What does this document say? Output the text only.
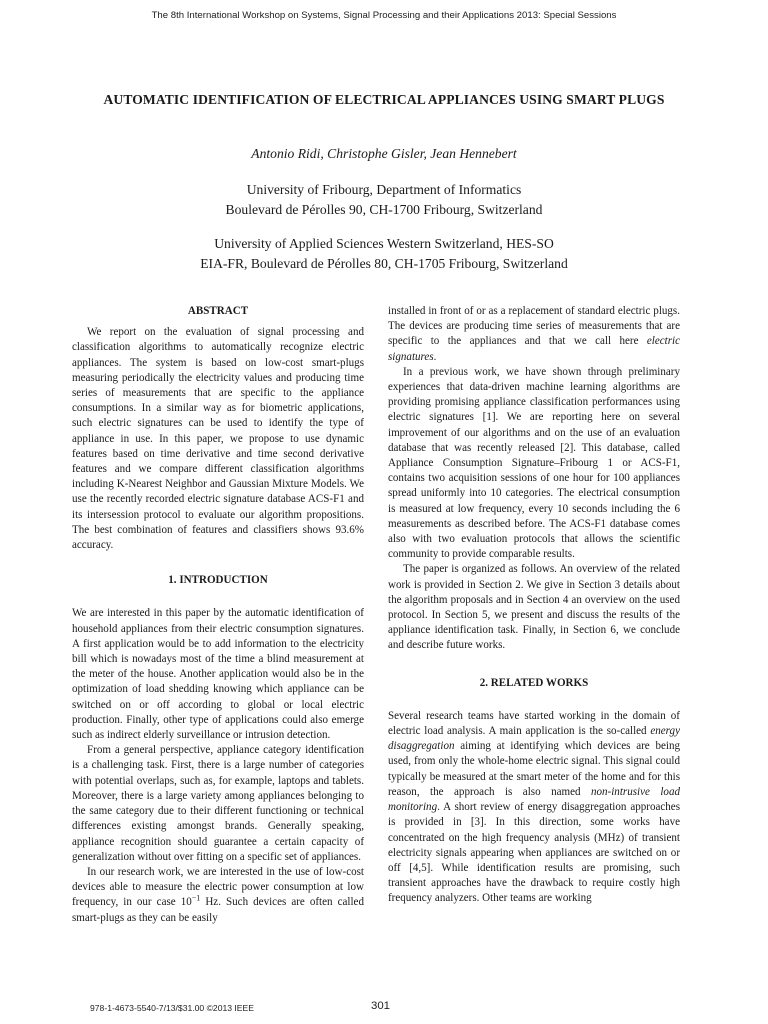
The 8th International Workshop on Systems, Signal Processing and their Applications 2013: Special Sessions
AUTOMATIC IDENTIFICATION OF ELECTRICAL APPLIANCES USING SMART PLUGS
Antonio Ridi, Christophe Gisler, Jean Hennebert
University of Fribourg, Department of Informatics
Boulevard de Pérolles 90, CH-1700 Fribourg, Switzerland
University of Applied Sciences Western Switzerland, HES-SO
EIA-FR, Boulevard de Pérolles 80, CH-1705 Fribourg, Switzerland

ABSTRACT

We report on the evaluation of signal processing and classification algorithms to automatically recognize electric appliances. The system is based on low-cost smart-plugs measuring periodically the electricity values and producing time series of measurements that are specific to the appliance consumptions. In a similar way as for biometric applications, such electric signatures can be used to identify the type of appliance in use. In this paper, we propose to use dynamic features based on time derivative and time second derivative features and we compare different classification algorithms including K-Nearest Neighbor and Gaussian Mixture Models. We use the recently recorded electric signature database ACS-F1 and its intersession protocol to evaluate our algorithm propositions. The best combination of features and classifiers shows 93.6% accuracy.

1. INTRODUCTION

We are interested in this paper by the automatic identification of household appliances from their electric consumption signatures. A first application would be to add information to the electricity bill which is nowadays most of the time a blind measurement at the meter of the house. Another application would also be in the optimization of load shedding knowing which appliance can be switched on or off according to global or local electric production. Finally, other type of applications could also emerge such as indirect elderly surveillance or intrusion detection.

From a general perspective, appliance category identification is a challenging task. First, there is a large number of categories with potential overlaps, such as, for example, laptops and tablets. Moreover, there is a large variety among appliances belonging to the same category due to their different functioning or technical differences existing amongst brands. Generally speaking, appliance recognition should guarantee a certain capacity of generalization without over fitting on a specific set of appliances.

In our research work, we are interested in the use of low-cost devices able to measure the electric power consumption at low frequency, in our case $10^{-1}$ Hz. Such devices are often called smart-plugs as they can be easily

installed in front of or as a replacement of standard electric plugs. The devices are producing time series of measurements that are specific to the appliances and that we call here electric signatures.

In a previous work, we have shown through preliminary experiences that data-driven machine learning algorithms are providing promising appliance classification performances using electric signatures [1]. We are reporting here on several improvement of our algorithms and on the use of an evaluation database that was recently released [2]. This database, called Appliance Consumption Signature–Fribourg 1 or ACS-F1, contains two acquisition sessions of one hour for 100 appliances spread uniformly into 10 categories. The electrical consumption is measured at low frequency, every 10 seconds including the 6 measurements as described before. The ACS-F1 database comes also with two evaluation protocols that allows the scientific community to provide comparable results.

The paper is organized as follows. An overview of the related work is provided in Section 2. We give in Section 3 details about the algorithm proposals and in Section 4 an overview on the used protocol. In Section 5, we present and discuss the results of the appliance identification task. Finally, in Section 6, we conclude and describe future works.

2. RELATED WORKS

Several research teams have started working in the domain of electric load analysis. A main application is the so-called energy disaggregation aiming at identifying which devices are being used, from only the whole-home electric signal. This signal could typically be measured at the smart meter of the home and for this reason, the approach is also named non-intrusive load monitoring. A short review of energy disaggregation approaches is provided in [3]. In this direction, some works have concentrated on the high frequency analysis (MHz) of transient electricity signals appearing when appliances are switched on or off [4,5]. While identification results are promising, such transient approaches have the drawback to require costly high frequency analyzers. Other teams are working

978-1-4673-5540-7/13/$31.00 ©2013 IEEE	301
